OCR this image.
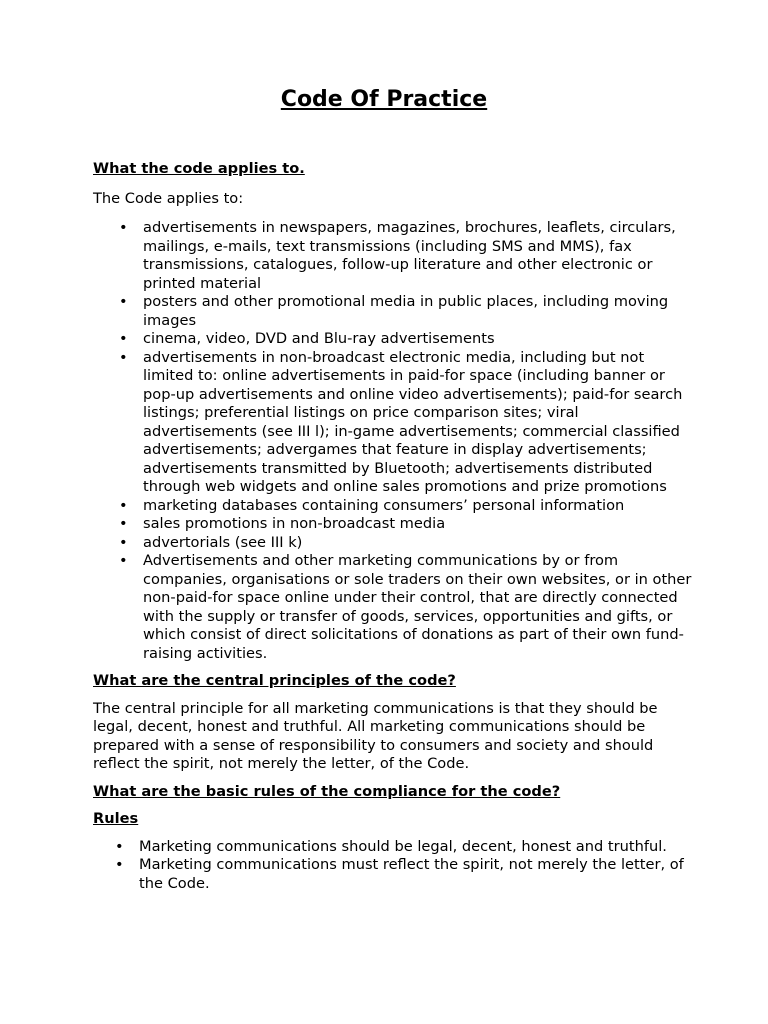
Code Of Practice

What the code applies to.

The Code applies to:

• advertisements in newspapers, magazines, brochures, leaflets, circulars, mailings, e-mails, text transmissions (including SMS and MMS), fax transmissions, catalogues, follow-up literature and other electronic or printed material
• posters and other promotional media in public places, including moving images
• cinema, video, DVD and Blu-ray advertisements
• advertisements in non-broadcast electronic media, including but not limited to: online advertisements in paid-for space (including banner or pop-up advertisements and online video advertisements); paid-for search listings; preferential listings on price comparison sites; viral advertisements (see III l); in-game advertisements; commercial classified advertisements; advergames that feature in display advertisements; advertisements transmitted by Bluetooth; advertisements distributed through web widgets and online sales promotions and prize promotions
• marketing databases containing consumers’ personal information
• sales promotions in non-broadcast media
• advertorials (see III k)
• Advertisements and other marketing communications by or from companies, organisations or sole traders on their own websites, or in other non-paid-for space online under their control, that are directly connected with the supply or transfer of goods, services, opportunities and gifts, or which consist of direct solicitations of donations as part of their own fund-raising activities.

What are the central principles of the code?

The central principle for all marketing communications is that they should be legal, decent, honest and truthful. All marketing communications should be prepared with a sense of responsibility to consumers and society and should reflect the spirit, not merely the letter, of the Code.

What are the basic rules of the compliance for the code?

Rules

• Marketing communications should be legal, decent, honest and truthful.
• Marketing communications must reflect the spirit, not merely the letter, of the Code.
